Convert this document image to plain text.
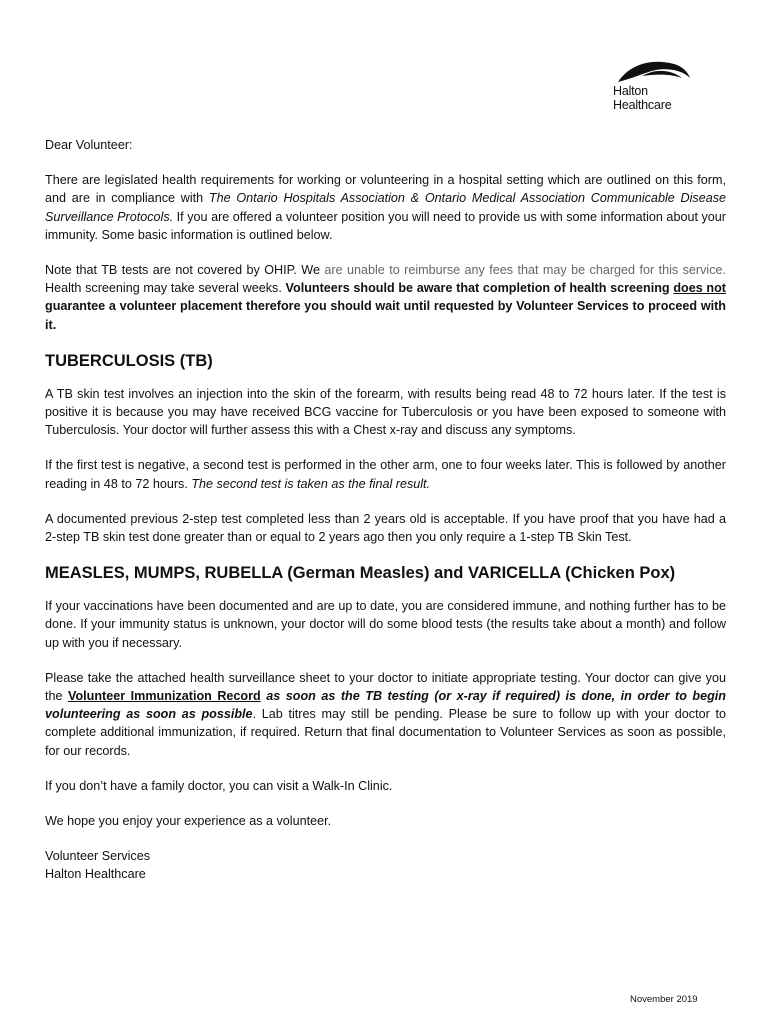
Halton
Healthcare

Dear Volunteer:

There are legislated health requirements for working or volunteering in a hospital setting which are outlined on this form, and are in compliance with The Ontario Hospitals Association & Ontario Medical Association Communicable Disease Surveillance Protocols. If you are offered a volunteer position you will need to provide us with some information about your immunity. Some basic information is outlined below.

Note that TB tests are not covered by OHIP. We are unable to reimburse any fees that may be charged for this service. Health screening may take several weeks. Volunteers should be aware that completion of health screening does not guarantee a volunteer placement therefore you should wait until requested by Volunteer Services to proceed with it.

TUBERCULOSIS (TB)

A TB skin test involves an injection into the skin of the forearm, with results being read 48 to 72 hours later. If the test is positive it is because you may have received BCG vaccine for Tuberculosis or you have been exposed to someone with Tuberculosis. Your doctor will further assess this with a Chest x-ray and discuss any symptoms.

If the first test is negative, a second test is performed in the other arm, one to four weeks later. This is followed by another reading in 48 to 72 hours. The second test is taken as the final result.

A documented previous 2-step test completed less than 2 years old is acceptable. If you have proof that you have had a 2-step TB skin test done greater than or equal to 2 years ago then you only require a 1-step TB Skin Test.

MEASLES, MUMPS, RUBELLA (German Measles) and VARICELLA (Chicken Pox)

If your vaccinations have been documented and are up to date, you are considered immune, and nothing further has to be done. If your immunity status is unknown, your doctor will do some blood tests (the results take about a month) and follow up with you if necessary.

Please take the attached health surveillance sheet to your doctor to initiate appropriate testing. Your doctor can give you the Volunteer Immunization Record as soon as the TB testing (or x-ray if required) is done, in order to begin volunteering as soon as possible. Lab titres may still be pending. Please be sure to follow up with your doctor to complete additional immunization, if required. Return that final documentation to Volunteer Services as soon as possible, for our records.

If you don’t have a family doctor, you can visit a Walk-In Clinic.

We hope you enjoy your experience as a volunteer.

Volunteer Services
Halton Healthcare
November 2019
